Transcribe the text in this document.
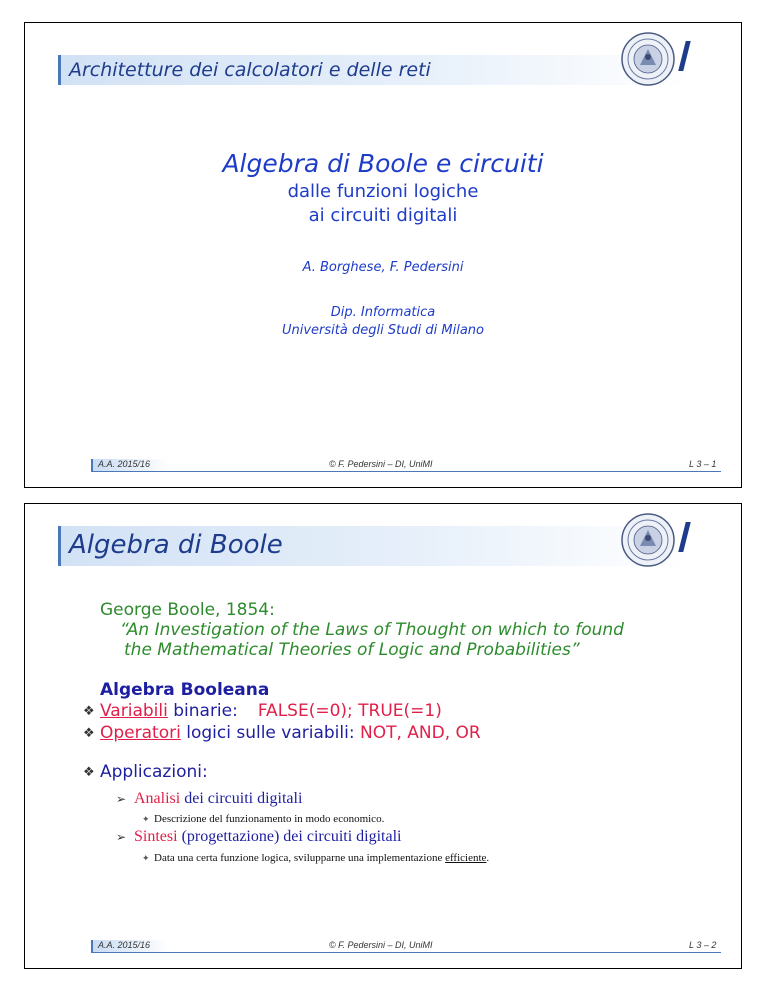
Architetture dei calcolatori e delle reti
Algebra di Boole e circuiti
dalle funzioni logiche
ai circuiti digitali
A. Borghese, F. Pedersini
Dip. Informatica
Università degli Studi di Milano
A.A. 2015/16	© F. Pedersini – DI, UniMI	L 3 – 1
Algebra di Boole
George Boole, 1854:
“An Investigation of the Laws of Thought on which to found
the Mathematical Theories of Logic and Probabilities”
Algebra Booleana
❖ Variabili binarie: FALSE(=0); TRUE(=1)
❖ Operatori logici sulle variabili: NOT, AND, OR
❖ Applicazioni:
➢ Analisi dei circuiti digitali
✦ Descrizione del funzionamento in modo economico.
➢ Sintesi (progettazione) dei circuiti digitali
✦ Data una certa funzione logica, svilupparne una implementazione efficiente.
A.A. 2015/16	© F. Pedersini – DI, UniMI	L 3 – 2
